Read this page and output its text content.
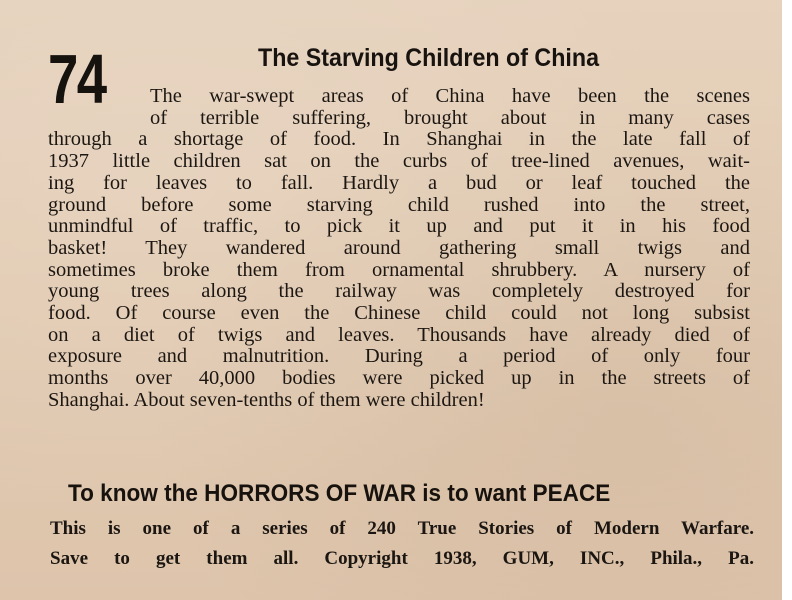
74	The Starving Children of China
The war-swept areas of China have been the scenes
of terrible suffering, brought about in many cases
through a shortage of food. In Shanghai in the late fall of
1937 little children sat on the curbs of tree-lined avenues, wait-
ing for leaves to fall. Hardly a bud or leaf touched the
ground before some starving child rushed into the street,
unmindful of traffic, to pick it up and put it in his food
basket! They wandered around gathering small twigs and
sometimes broke them from ornamental shrubbery. A nursery of
young trees along the railway was completely destroyed for
food. Of course even the Chinese child could not long subsist
on a diet of twigs and leaves. Thousands have already died of
exposure and malnutrition. During a period of only four
months over 40,000 bodies were picked up in the streets of
Shanghai. About seven-tenths of them were children!
To know the HORRORS OF WAR is to want PEACE
This is one of a series of 240 True Stories of Modern Warfare.
Save to get them all. Copyright 1938, GUM, INC., Phila., Pa.
